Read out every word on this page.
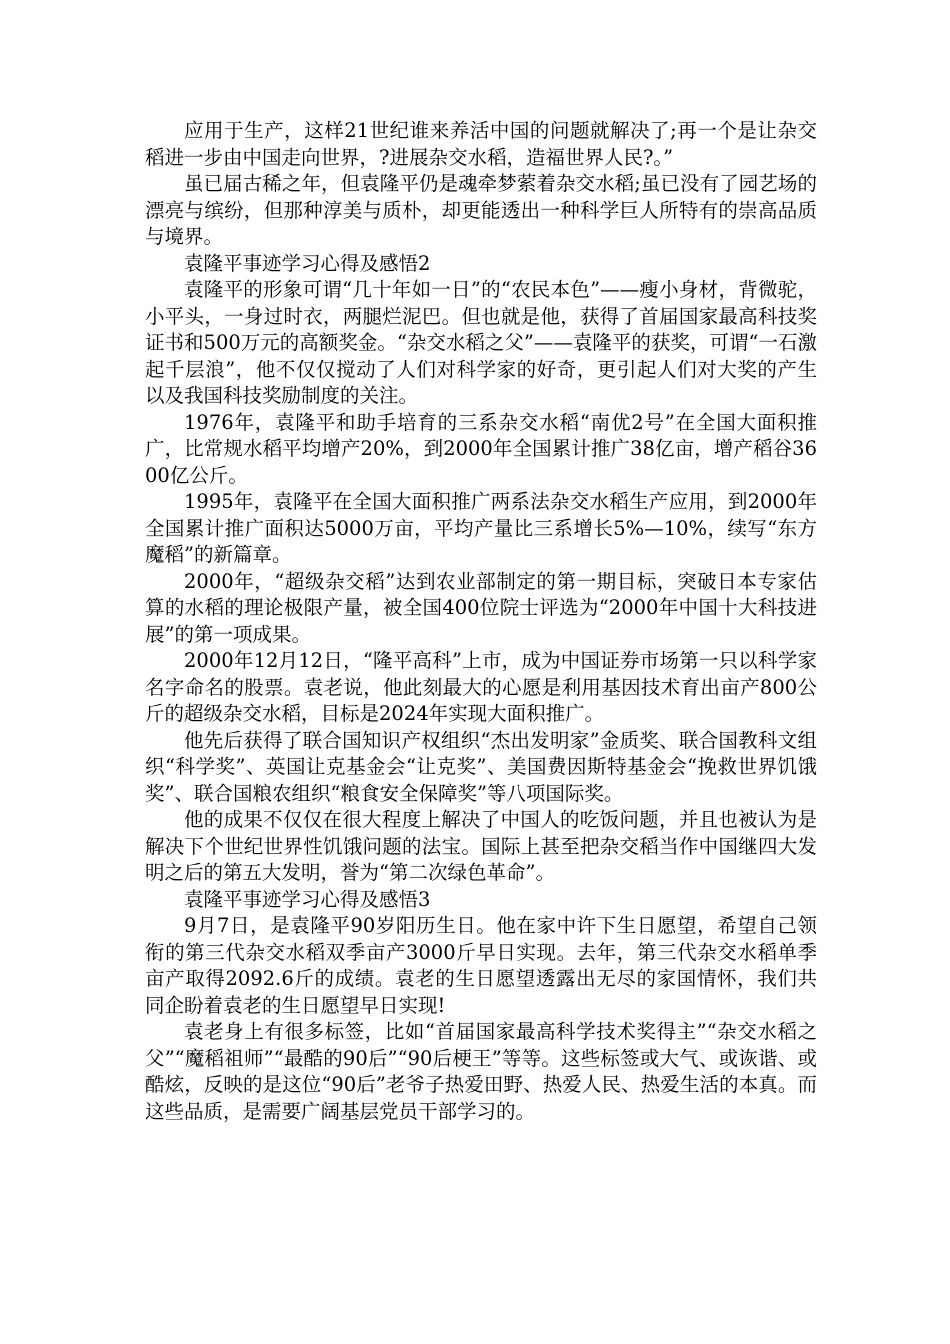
应用于生产，这样21世纪谁来养活中国的问题就解决了;再一个是让杂交稻进一步由中国走向世界，?进展杂交水稻，造福世界人民?。”

虽已届古稀之年，但袁隆平仍是魂牵梦萦着杂交水稻;虽已没有了园艺场的漂亮与缤纷，但那种淳美与质朴，却更能透出一种科学巨人所特有的崇高品质与境界。

袁隆平事迹学习心得及感悟2

袁隆平的形象可谓“几十年如一日”的“农民本色”——瘦小身材，背微驼，小平头，一身过时衣，两腿烂泥巴。但也就是他，获得了首届国家最高科技奖证书和500万元的高额奖金。“杂交水稻之父”——袁隆平的获奖，可谓“一石激起千层浪”，他不仅仅搅动了人们对科学家的好奇，更引起人们对大奖的产生以及我国科技奖励制度的关注。

1976年，袁隆平和助手培育的三系杂交水稻“南优2号”在全国大面积推广，比常规水稻平均增产20%，到2000年全国累计推广38亿亩，增产稻谷3600亿公斤。

1995年，袁隆平在全国大面积推广两系法杂交水稻生产应用，到2000年全国累计推广面积达5000万亩，平均产量比三系增长5%—10%，续写“东方魔稻”的新篇章。

2000年，“超级杂交稻”达到农业部制定的第一期目标，突破日本专家估算的水稻的理论极限产量，被全国400位院士评选为“2000年中国十大科技进展”的第一项成果。

2000年12月12日，“隆平高科”上市，成为中国证券市场第一只以科学家名字命名的股票。袁老说，他此刻最大的心愿是利用基因技术育出亩产800公斤的超级杂交水稻，目标是2024年实现大面积推广。

他先后获得了联合国知识产权组织“杰出发明家”金质奖、联合国教科文组织“科学奖”、英国让克基金会“让克奖”、美国费因斯特基金会“挽救世界饥饿奖”、联合国粮农组织“粮食安全保障奖”等八项国际奖。

他的成果不仅仅在很大程度上解决了中国人的吃饭问题，并且也被认为是解决下个世纪世界性饥饿问题的法宝。国际上甚至把杂交稻当作中国继四大发明之后的第五大发明，誉为“第二次绿色革命”。

袁隆平事迹学习心得及感悟3

9月7日，是袁隆平90岁阳历生日。他在家中许下生日愿望，希望自己领衔的第三代杂交水稻双季亩产3000斤早日实现。去年，第三代杂交水稻单季亩产取得2092.6斤的成绩。袁老的生日愿望透露出无尽的家国情怀，我们共同企盼着袁老的生日愿望早日实现!

袁老身上有很多标签，比如“首届国家最高科学技术奖得主”“杂交水稻之父”“魔稻祖师”“最酷的90后”“90后梗王”等等。这些标签或大气、或诙谐、或酷炫，反映的是这位“90后”老爷子热爱田野、热爱人民、热爱生活的本真。而这些品质，是需要广阔基层党员干部学习的。
